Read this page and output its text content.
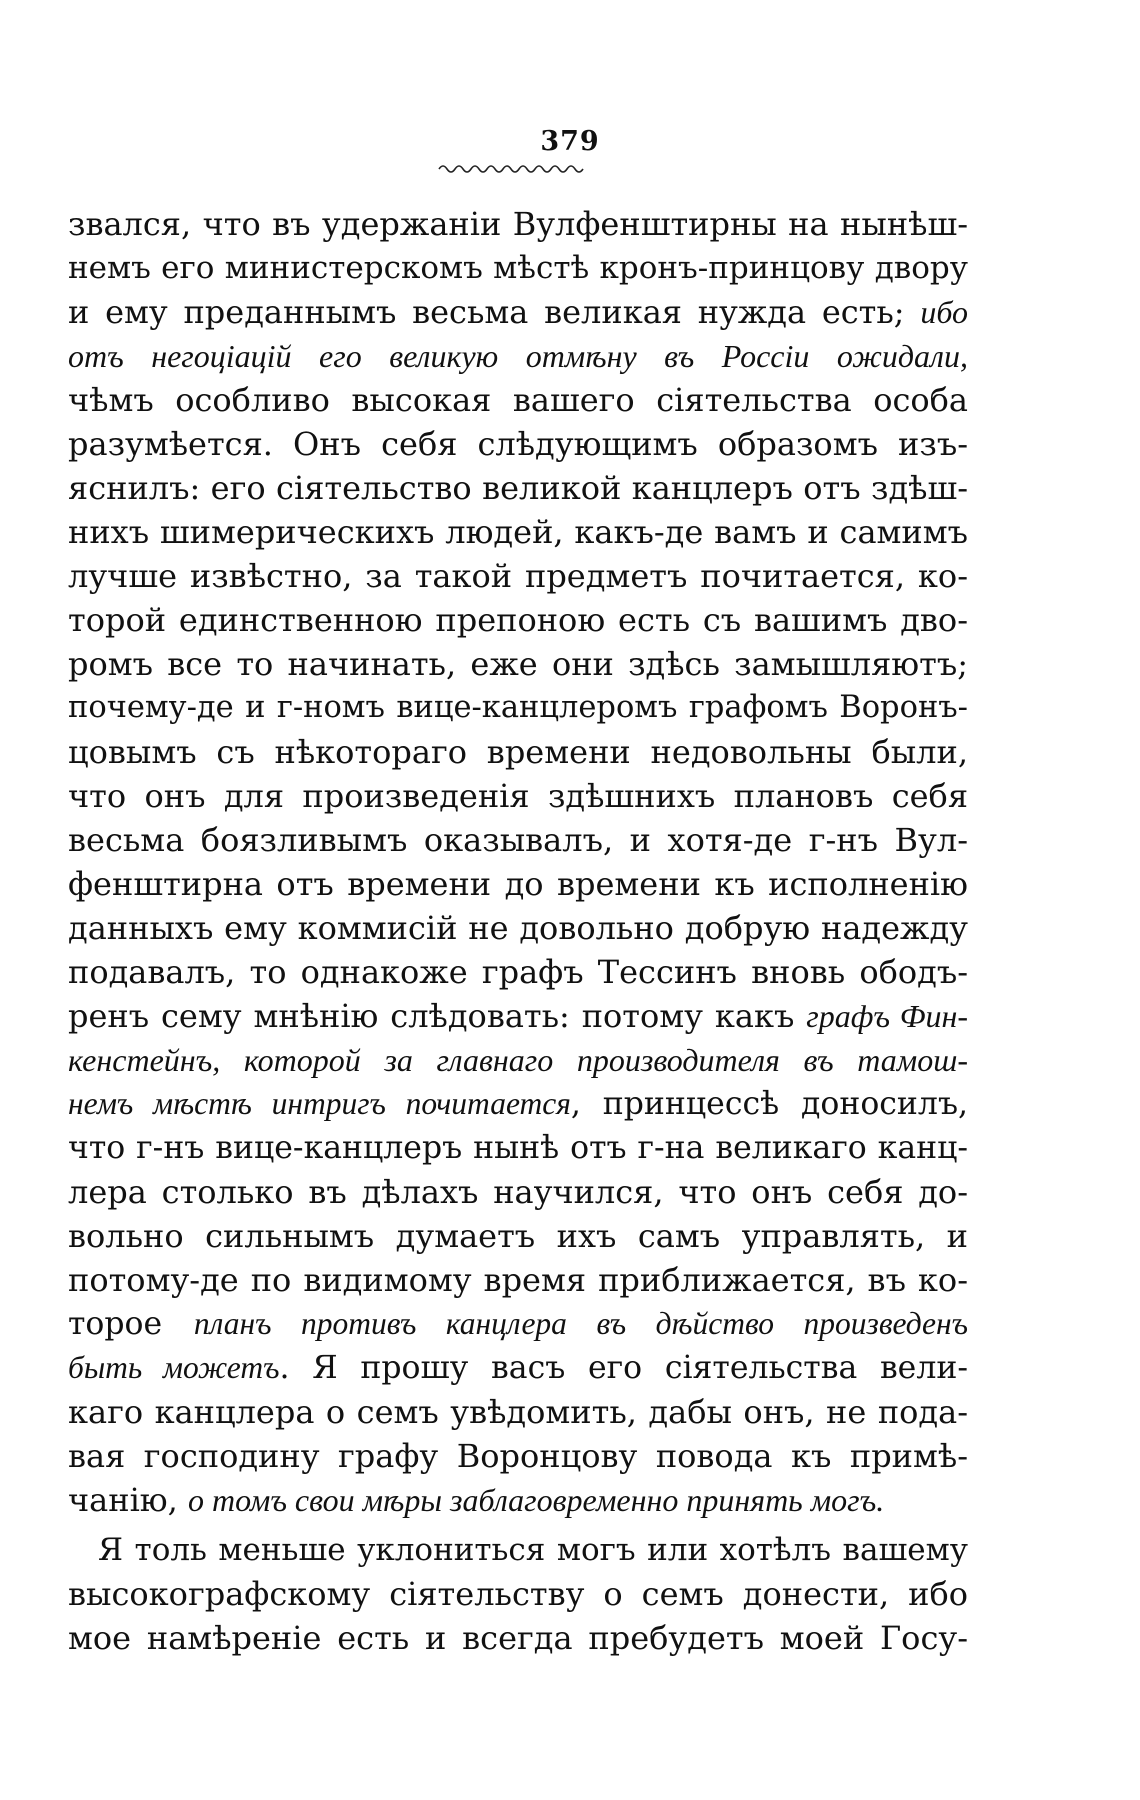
379
звался, что въ удержанiи Вулфенштирны на нынѣш-
немъ его министерскомъ мѣстѣ кронъ-принцову двору
и ему преданнымъ весьма великая нужда есть; ибо
отъ негоцiацiй его великую отмѣну въ Россiи ожидали,
чѣмъ особливо высокая вашего сiятельства особа
разумѣется. Онъ себя слѣдующимъ образомъ изъ-
яснилъ: его сiятельство великой канцлеръ отъ здѣш-
нихъ шимерическихъ людей, какъ-де вамъ и самимъ
лучше извѣстно, за такой предметъ почитается, ко-
торой единственною препоною есть съ вашимъ дво-
ромъ все то начинать, еже они здѣсь замышляютъ;
почему-де и г-номъ вице-канцлеромъ графомъ Воронъ-
цовымъ съ нѣкотораго времени недовольны были,
что онъ для произведенiя здѣшнихъ плановъ себя
весьма боязливымъ оказывалъ, и хотя-де г-нъ Вул-
фенштирна отъ времени до времени къ исполненiю
данныхъ ему коммисiй не довольно добрую надежду
подавалъ, то однакоже графъ Тессинъ вновь ободъ-
ренъ сему мнѣнiю слѣдовать: потому какъ графъ Фин-
кенстейнъ, которой за главнаго производителя въ тамош-
немъ мѣстѣ интригъ почитается, принцессѣ доносилъ,
что г-нъ вице-канцлеръ нынѣ отъ г-на великаго канц-
лера столько въ дѣлахъ научился, что онъ себя до-
вольно сильнымъ думаетъ ихъ самъ управлять, и
потому-де по видимому время приближается, въ ко-
торое планъ противъ канцлера въ дѣйство произведенъ
быть можетъ. Я прошу васъ его сiятельства вели-
каго канцлера о семъ увѣдомить, дабы онъ, не пода-
вая господину графу Воронцову повода къ примѣ-
чанiю, о томъ свои мѣры заблаговременно принять могъ.
Я толь меньше уклониться могъ или хотѣлъ вашему
высокографскому сiятельству о семъ донести, ибо
мое намѣренiе есть и всегда пребудетъ моей Госу-
